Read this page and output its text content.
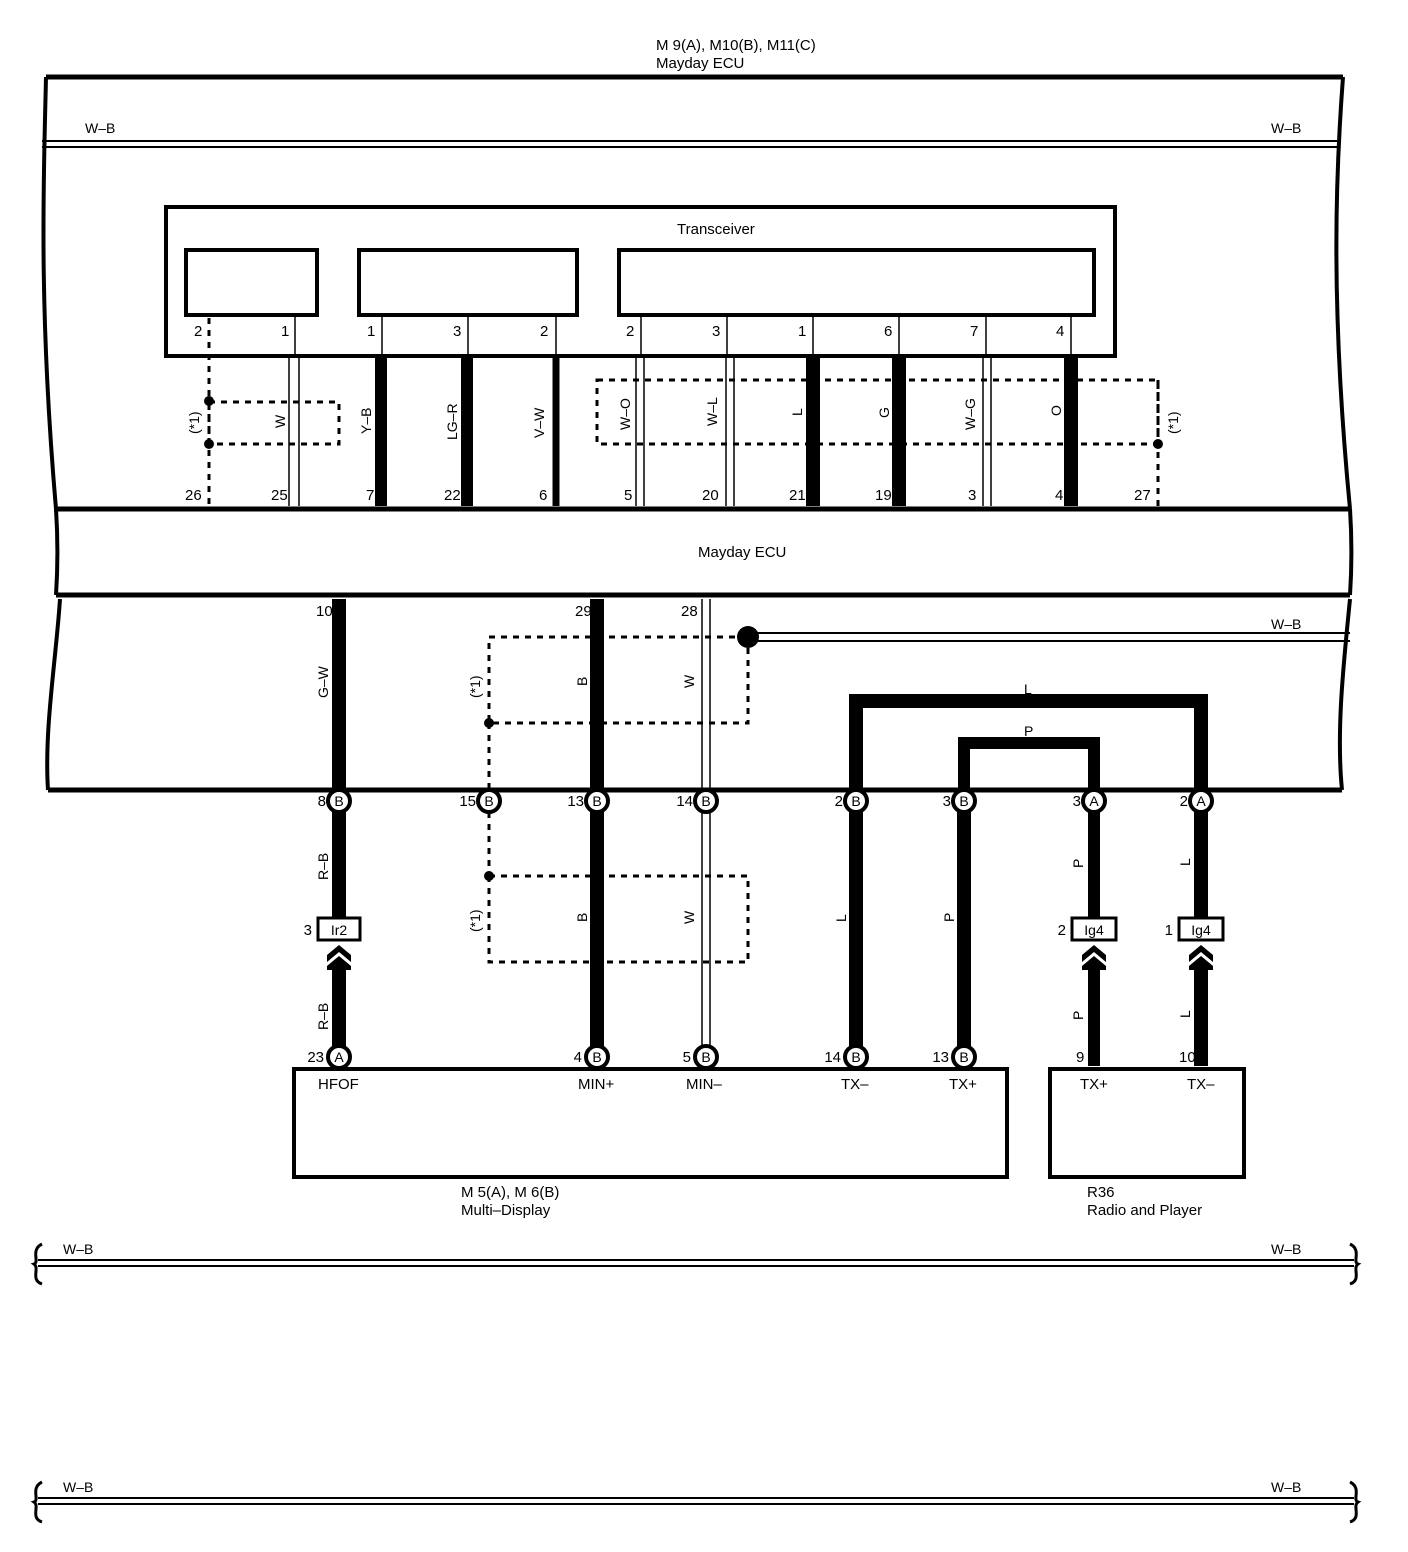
M 9(A), M10(B), M11(C)
Mayday ECU
W–B	W–B
Mayday ECU
Transceiver
2	1	1	3	2	2	3	1	6	7	4
(*1)	(*1)
W	Y–B	LG–R	V–W	W–O	W–L	L	G	W–G	O
26	25	7	22	6	5	20	21	19	3	4	27
W–B
(*1)
10	29	28
G–W	B	W	L
P
(*1)
B
8	B
15	B
13	B
14	B
2	B
3	A
3	A
2
R–B
L	P
P	L
B	W
R–B	P	L
Ir2
3	Ig4
2	Ig4
1
A
23
HFOF
B
4
MIN+
B
5
MIN–
B
14
TX–
B
13
TX+
M 5(A), M 6(B)
Multi–Display
9	10
TX+	TX–
R36
Radio and Player
W–B	W–B
W–B	W–B
